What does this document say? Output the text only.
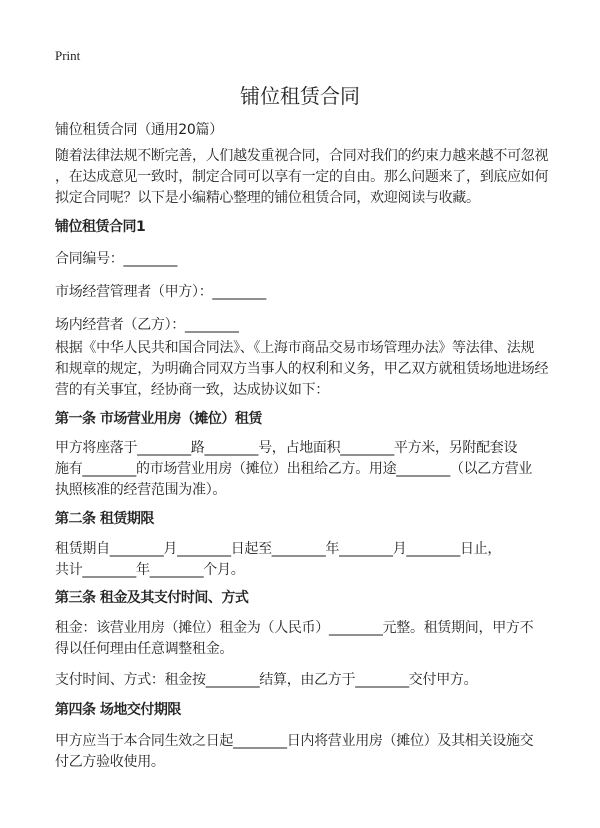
Print
铺位租赁合同
铺位租赁合同（通用20篇）
随着法律法规不断完善，人们越发重视合同，合同对我们的约束力越来越不可忽视
，在达成意见一致时，制定合同可以享有一定的自由。那么问题来了，到底应如何
拟定合同呢？以下是小编精心整理的铺位租赁合同，欢迎阅读与收藏。
铺位租赁合同1
合同编号：________
市场经营管理者（甲方）：________
场内经营者（乙方）：________
根据《中华人民共和国合同法》、《上海市商品交易市场管理办法》等法律、法规
和规章的规定，为明确合同双方当事人的权利和义务，甲乙双方就租赁场地进场经
营的有关事宜，经协商一致，达成协议如下：
第一条 市场营业用房（摊位）租赁
甲方将座落于________路________号，占地面积________平方米，另附配套设
施有________的市场营业用房（摊位）出租给乙方。用途________（以乙方营业
执照核准的经营范围为准）。
第二条 租赁期限
租赁期自________月________日起至________年________月________日止，
共计________年________个月。
第三条 租金及其支付时间、方式
租金：该营业用房（摊位）租金为（人民币）________元整。租赁期间，甲方不
得以任何理由任意调整租金。
支付时间、方式：租金按________结算，由乙方于________交付甲方。
第四条 场地交付期限
甲方应当于本合同生效之日起________日内将营业用房（摊位）及其相关设施交
付乙方验收使用。
